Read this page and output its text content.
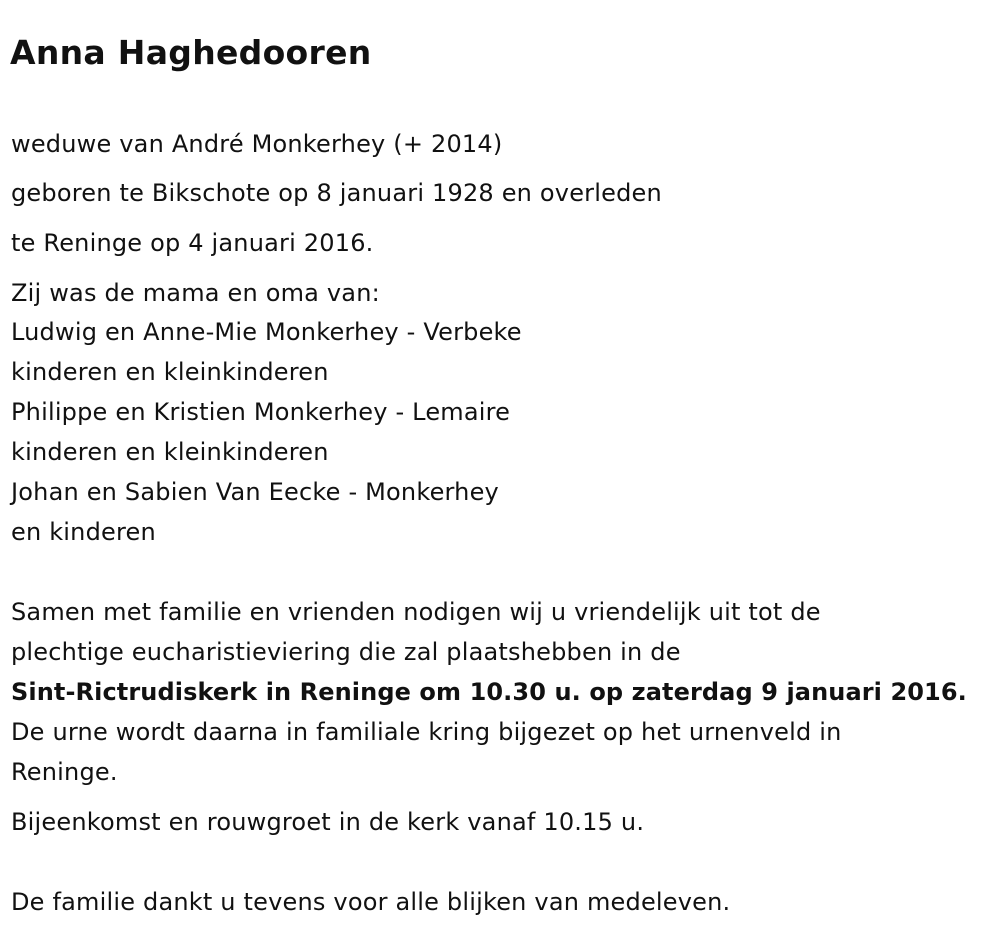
Anna Haghedooren
weduwe van André Monkerhey (+ 2014)
geboren te Bikschote op 8 januari 1928 en overleden
te Reninge op 4 januari 2016.
Zij was de mama en oma van:
Ludwig en Anne-Mie Monkerhey - Verbeke
kinderen en kleinkinderen
Philippe en Kristien Monkerhey - Lemaire
kinderen en kleinkinderen
Johan en Sabien Van Eecke - Monkerhey
en kinderen
Samen met familie en vrienden nodigen wij u vriendelijk uit tot de
plechtige eucharistieviering die zal plaatshebben in de
Sint-Rictrudiskerk in Reninge om 10.30 u. op zaterdag 9 januari 2016.
De urne wordt daarna in familiale kring bijgezet op het urnenveld in
Reninge.
Bijeenkomst en rouwgroet in de kerk vanaf 10.15 u.
De familie dankt u tevens voor alle blijken van medeleven.
